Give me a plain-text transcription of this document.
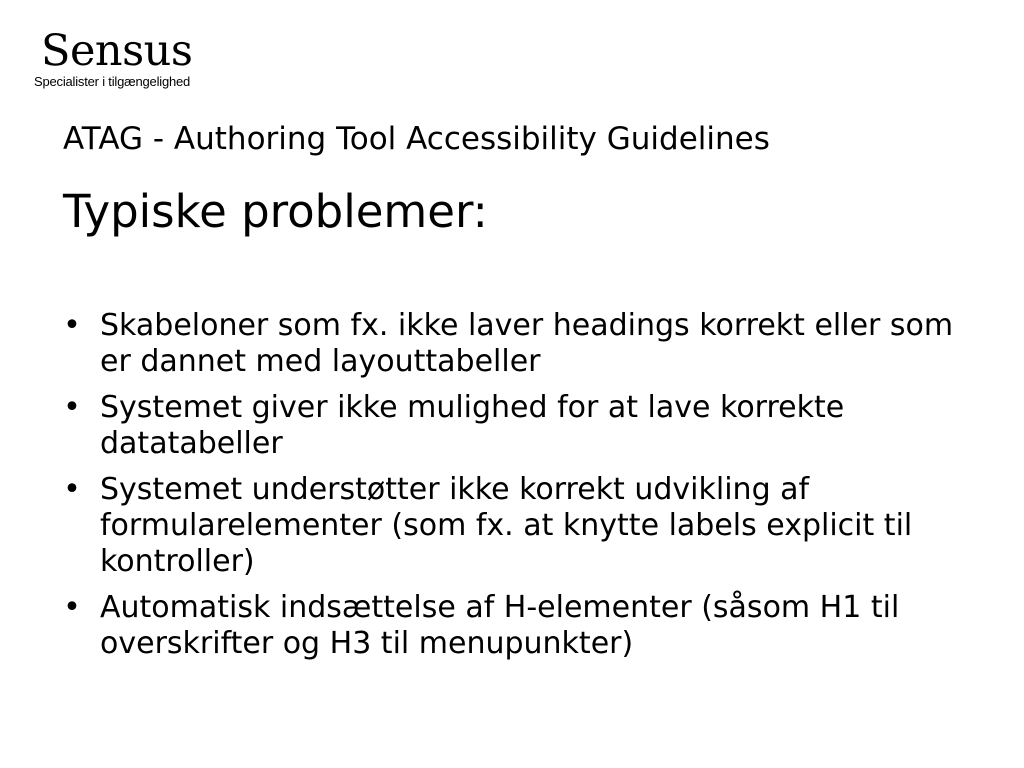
Sensus
Specialister i tilgængelighed
ATAG - Authoring Tool Accessibility Guidelines
Typiske problemer:
• Skabeloner som fx. ikke laver headings korrekt eller som er dannet med layouttabeller
• Systemet giver ikke mulighed for at lave korrekte datatabeller
• Systemet understøtter ikke korrekt udvikling af formularelementer (som fx. at knytte labels explicit til kontroller)
• Automatisk indsættelse af H-elementer (såsom H1 til overskrifter og H3 til menupunkter)
